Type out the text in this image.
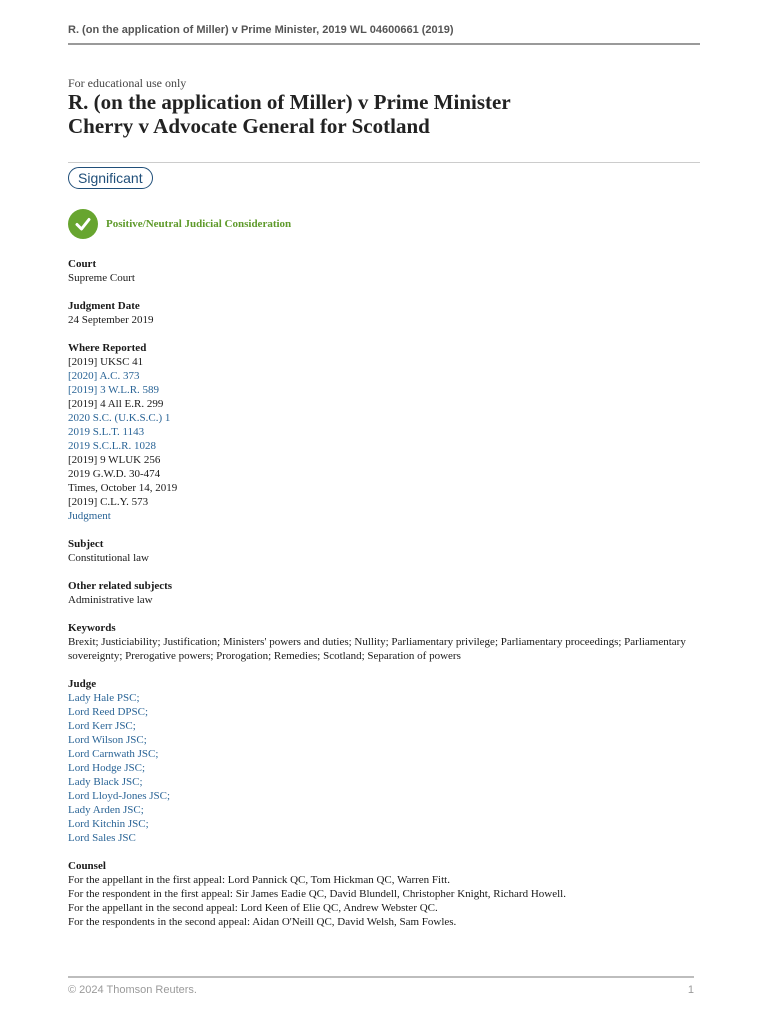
R. (on the application of Miller) v Prime Minister, 2019 WL 04600661 (2019)
For educational use only
R. (on the application of Miller) v Prime Minister
Cherry v Advocate General for Scotland
Significant
Positive/Neutral Judicial Consideration
Court
Supreme Court
Judgment Date
24 September 2019
Where Reported
[2019] UKSC 41
[2020] A.C. 373
[2019] 3 W.L.R. 589
[2019] 4 All E.R. 299
2020 S.C. (U.K.S.C.) 1
2019 S.L.T. 1143
2019 S.C.L.R. 1028
[2019] 9 WLUK 256
2019 G.W.D. 30-474
Times, October 14, 2019
[2019] C.L.Y. 573
Judgment
Subject
Constitutional law
Other related subjects
Administrative law
Keywords
Brexit; Justiciability; Justification; Ministers' powers and duties; Nullity; Parliamentary privilege; Parliamentary proceedings; Parliamentary sovereignty; Prerogative powers; Prorogation; Remedies; Scotland; Separation of powers
Judge
Lady Hale PSC;
Lord Reed DPSC;
Lord Kerr JSC;
Lord Wilson JSC;
Lord Carnwath JSC;
Lord Hodge JSC;
Lady Black JSC;
Lord Lloyd-Jones JSC;
Lady Arden JSC;
Lord Kitchin JSC;
Lord Sales JSC
Counsel
For the appellant in the first appeal: Lord Pannick QC, Tom Hickman QC, Warren Fitt.
For the respondent in the first appeal: Sir James Eadie QC, David Blundell, Christopher Knight, Richard Howell.
For the appellant in the second appeal: Lord Keen of Elie QC, Andrew Webster QC.
For the respondents in the second appeal: Aidan O'Neill QC, David Welsh, Sam Fowles.
© 2024 Thomson Reuters.	1
